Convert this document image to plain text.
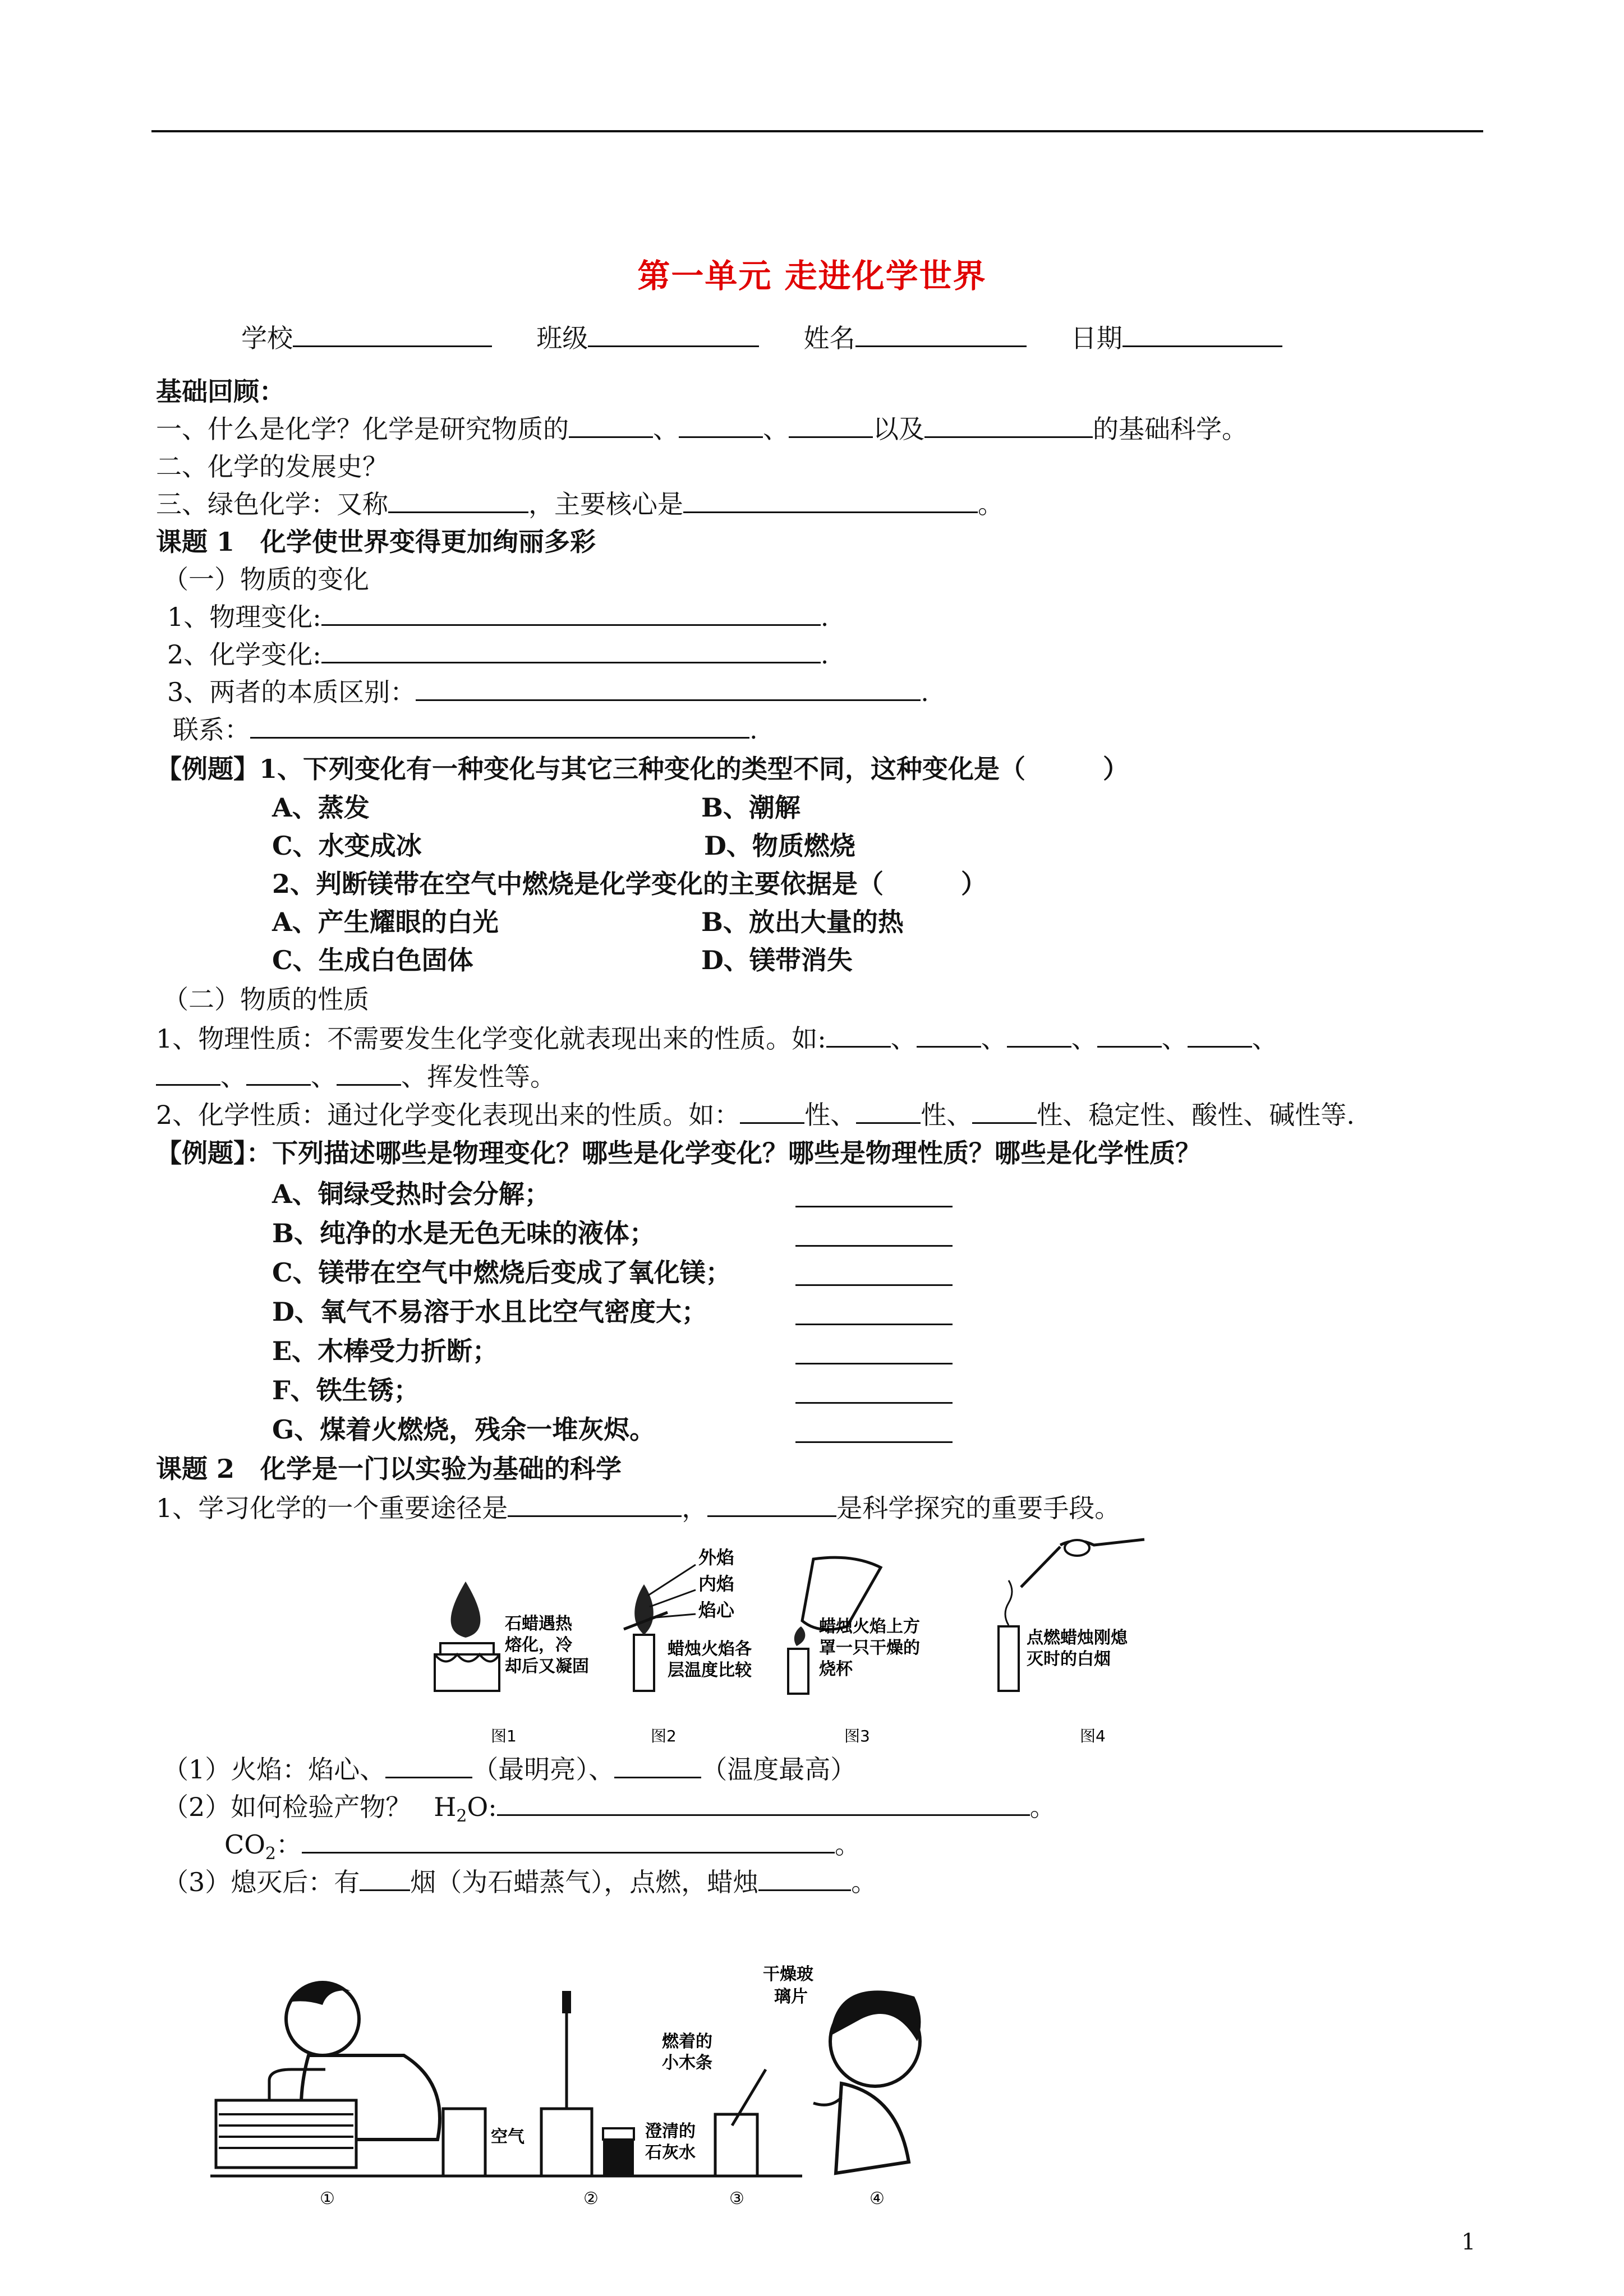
第一单元 走进化学世界
学校	班级	姓名	日期
基础回顾：
一、什么是化学？化学是研究物质的	、	、	以及	的基础科学。
二、化学的发展史？
三、绿色化学：又称	，主要核心是	。
课题 1　化学使世界变得更加绚丽多彩
（一）物质的变化
1、物理变化:	.
2、化学变化:	.
3、两者的本质区别：	.
联系：	.
【例题】1、下列变化有一种变化与其它三种变化的类型不同，这种变化是（　　　）
A、蒸发	B、潮解
C、水变成冰	D、物质燃烧
2、判断镁带在空气中燃烧是化学变化的主要依据是（　　　）
A、产生耀眼的白光	B、放出大量的热
C、生成白色固体	D、镁带消失
（二）物质的性质
1、物理性质：不需要发生化学变化就表现出来的性质。如:	、	、	、	、	、
、	、	、挥发性等。
2、化学性质：通过化学变化表现出来的性质。如：	性、	性、	性、稳定性、酸性、碱性等.
【例题】：下列描述哪些是物理变化？哪些是化学变化？哪些是物理性质？哪些是化学性质？
A、铜绿受热时会分解；
B、纯净的水是无色无味的液体；
C、镁带在空气中燃烧后变成了氧化镁；
D、氧气不易溶于水且比空气密度大；
E、木棒受力折断；
F、铁生锈；
G、煤着火燃烧，残余一堆灰烬。
课题 2　化学是一门以实验为基础的科学
1、学习化学的一个重要途径是	，	是科学探究的重要手段。
石蜡遇热
熔化，冷
却后又凝固
外焰
内焰
焰心
蜡烛火焰各
层温度比较
蜡烛火焰上方
罩一只干燥的
烧杯
点燃蜡烛刚熄
灭时的白烟
图1	图2	图3	图4
（1）火焰：焰心、	（最明亮）、	（温度最高）
（2）如何检验产物？ $H_2O$:	。
$CO_2$：	。
（3）熄灭后：有 烟（为石蜡蒸气），点燃，蜡烛	。
空气	澄清的
石灰水
燃着的
小木条
干燥玻
璃片
①	②	③	④
1
